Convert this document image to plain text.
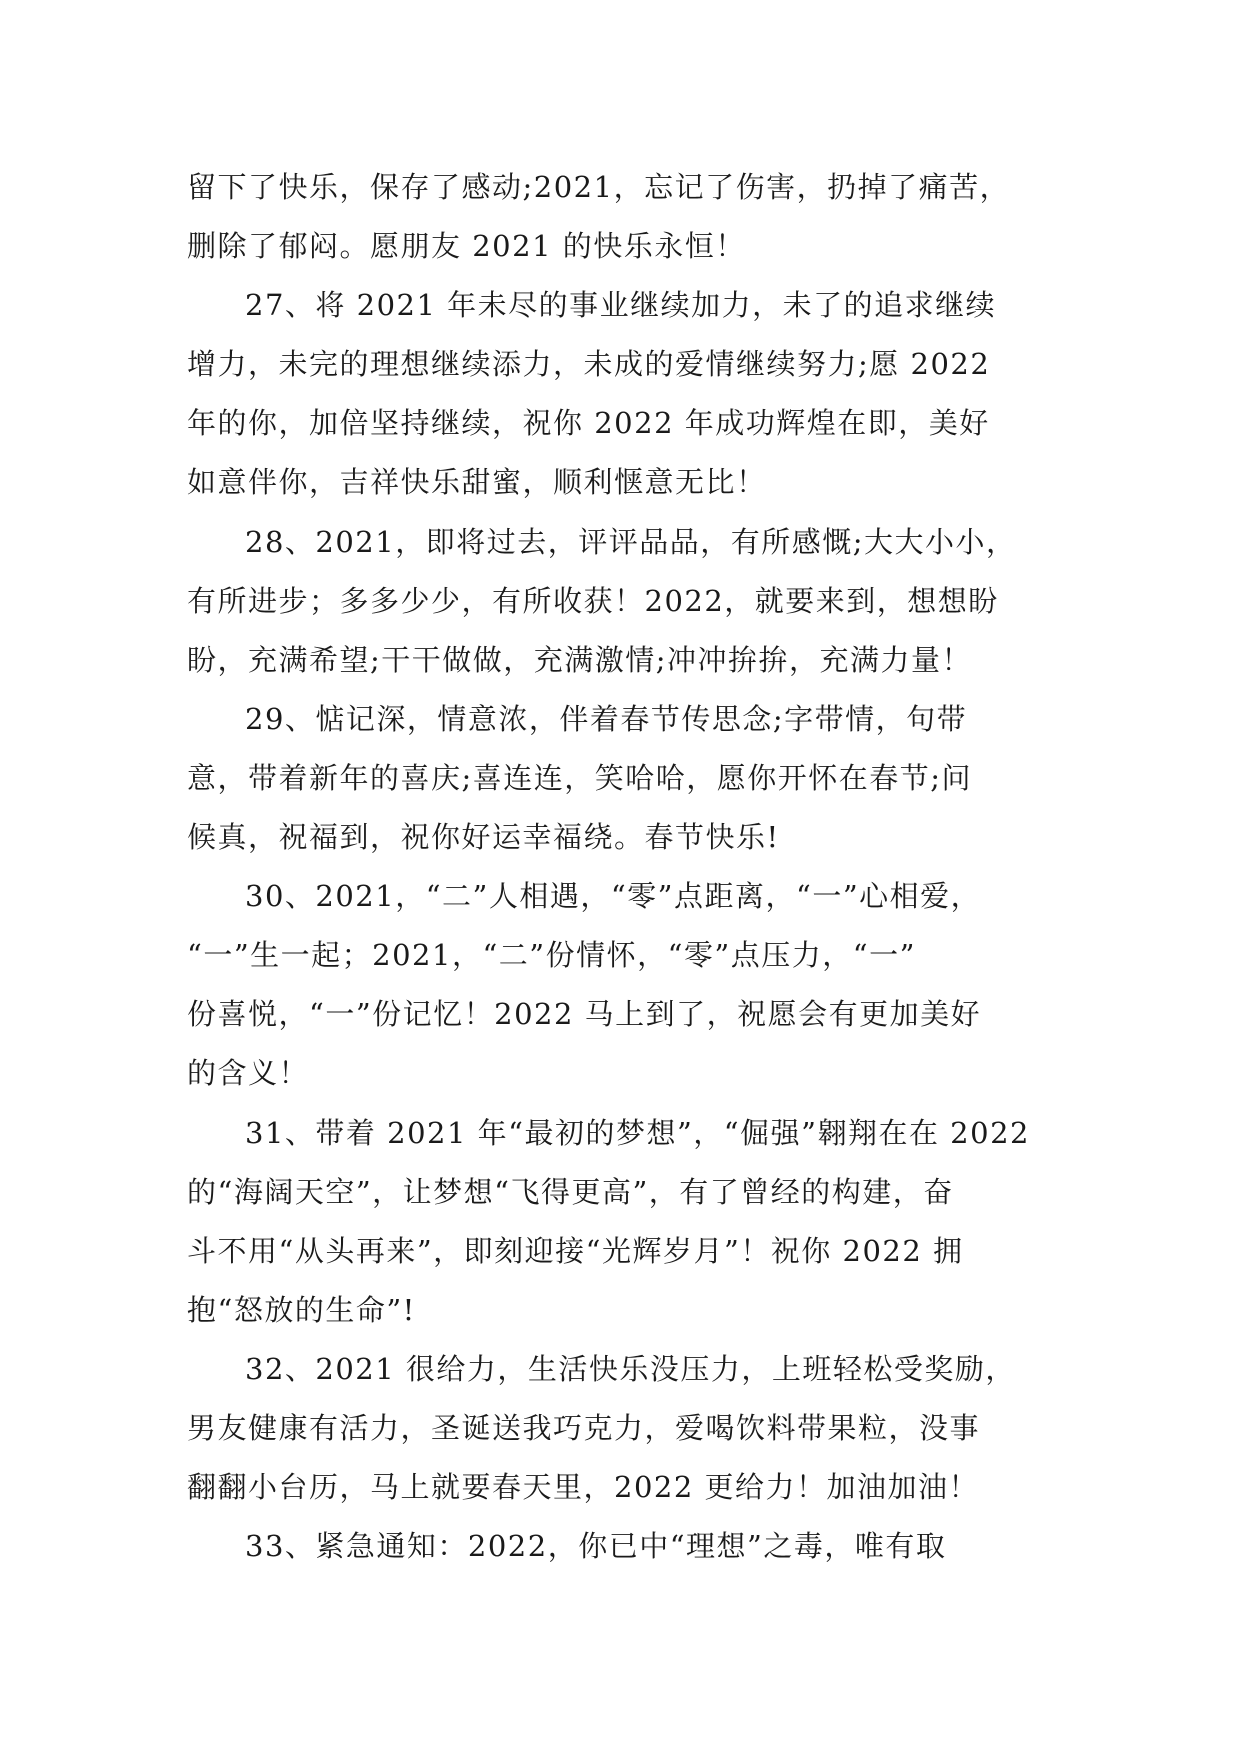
留下了快乐，保存了感动;2021，忘记了伤害，扔掉了痛苦，
删除了郁闷。愿朋友 2021 的快乐永恒！
27、将 2021 年未尽的事业继续加力，未了的追求继续
增力，未完的理想继续添力，未成的爱情继续努力;愿 2022
年的你，加倍坚持继续，祝你 2022 年成功辉煌在即，美好
如意伴你，吉祥快乐甜蜜，顺利惬意无比！
28、2021，即将过去，评评品品，有所感慨;大大小小，
有所进步；多多少少，有所收获！2022，就要来到，想想盼
盼，充满希望;干干做做，充满激情;冲冲拚拚，充满力量！
29、惦记深，情意浓，伴着春节传思念;字带情，句带
意，带着新年的喜庆;喜连连，笑哈哈，愿你开怀在春节;问
候真，祝福到，祝你好运幸福绕。春节快乐!
30、2021，“二”人相遇，“零”点距离，“一”心相爱，
“一”生一起；2021，“二”份情怀，“零”点压力，“一”
份喜悦，“一”份记忆！2022 马上到了，祝愿会有更加美好
的含义！
31、带着 2021 年“最初的梦想”，“倔强”翱翔在在 2022
的“海阔天空”，让梦想“飞得更高”，有了曾经的构建，奋
斗不用“从头再来”，即刻迎接“光辉岁月”！祝你 2022 拥
抱“怒放的生命”!
32、2021 很给力，生活快乐没压力，上班轻松受奖励，
男友健康有活力，圣诞送我巧克力，爱喝饮料带果粒，没事
翻翻小台历，马上就要春天里，2022 更给力！加油加油！
33、紧急通知：2022，你已中“理想”之毒，唯有取
